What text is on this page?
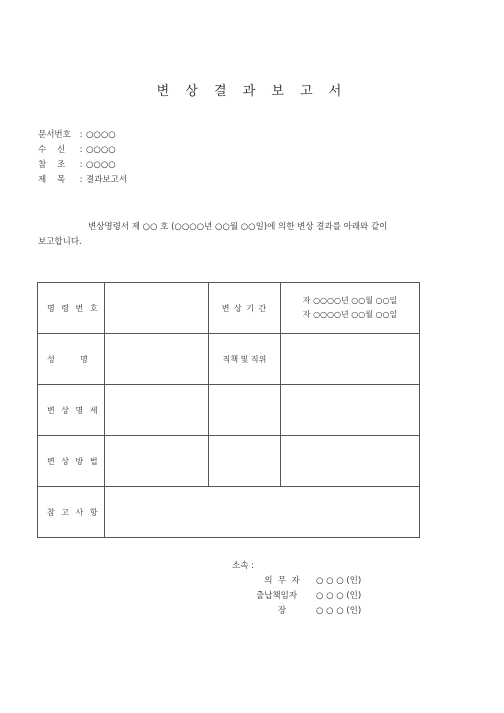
변 상 결 과 보 고 서
문서번호 : ○○○○
수    신 : ○○○○
참    조 : ○○○○
제    목 : 결과보고서
변상명령서 제 ○○ 호 (○○○○년 ○○월 ○○일)에 의한 변상 결과를 아래와 같이
보고합니다.
명 령 번 호		변 상 기 간	자 ○○○○년 ○○월 ○○일
자 ○○○○년 ○○월 ○○일

성          명		직책 및 직위	
변 상 명 세			
변 상 방 법			
참 고 사 항			
소속 :
의  무  자	○ ○ ○ (인)
출납책임자 ○ ○ ○ (인)
장	○ ○ ○ (인)
